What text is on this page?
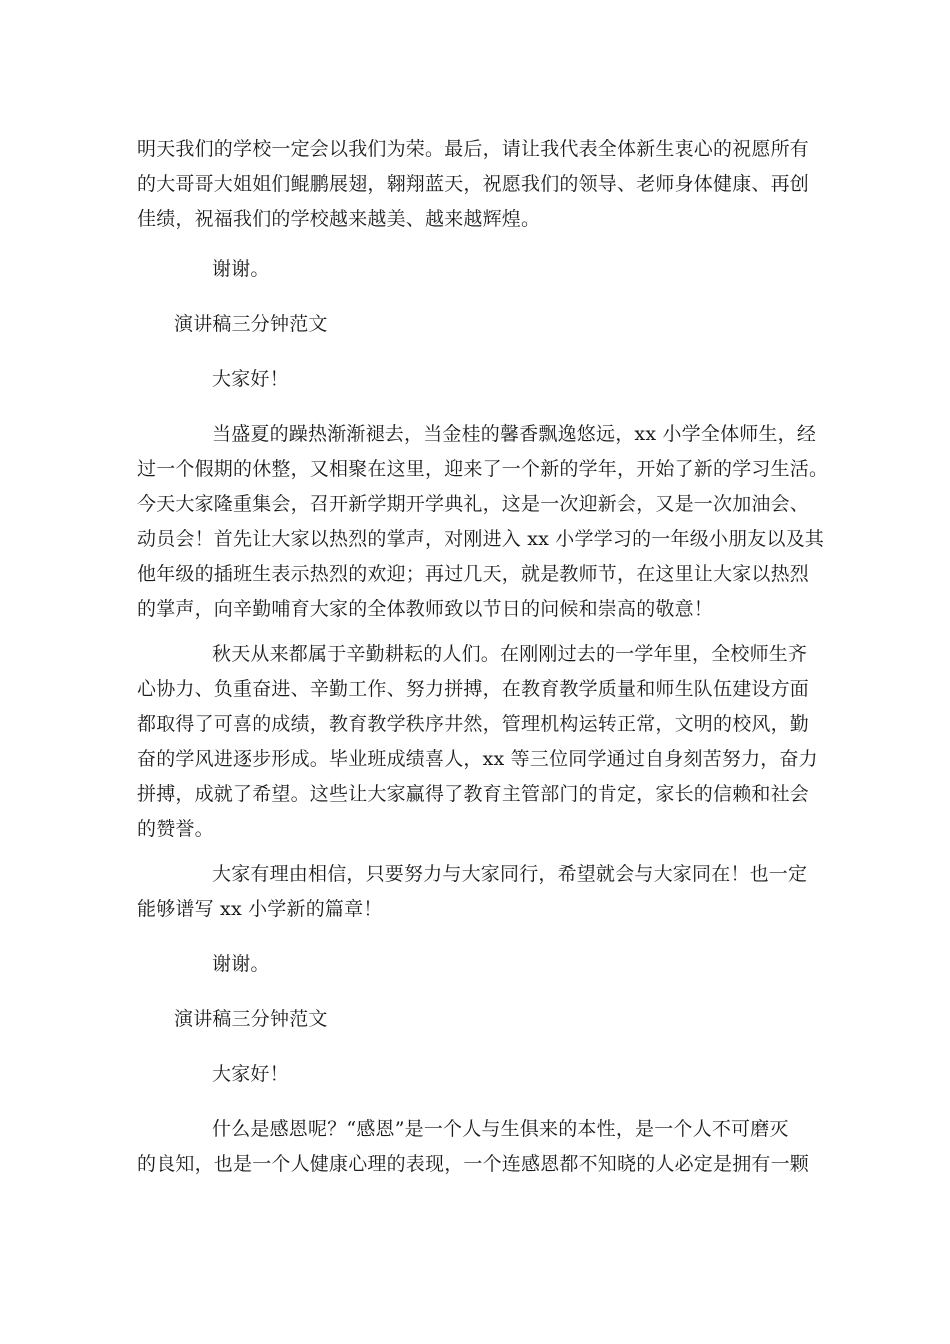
明天我们的学校一定会以我们为荣。最后，请让我代表全体新生衷心的祝愿所有
的大哥哥大姐姐们鲲鹏展翅，翱翔蓝天，祝愿我们的领导、老师身体健康、再创
佳绩，祝福我们的学校越来越美、越来越辉煌。
谢谢。
演讲稿三分钟范文
大家好！
当盛夏的躁热渐渐褪去，当金桂的馨香飘逸悠远，xx 小学全体师生，经
过一个假期的休整，又相聚在这里，迎来了一个新的学年，开始了新的学习生活。
今天大家隆重集会，召开新学期开学典礼，这是一次迎新会，又是一次加油会、
动员会！首先让大家以热烈的掌声，对刚进入 xx 小学学习的一年级小朋友以及其
他年级的插班生表示热烈的欢迎；再过几天，就是教师节，在这里让大家以热烈
的掌声，向辛勤哺育大家的全体教师致以节日的问候和崇高的敬意！
秋天从来都属于辛勤耕耘的人们。在刚刚过去的一学年里，全校师生齐
心协力、负重奋进、辛勤工作、努力拼搏，在教育教学质量和师生队伍建设方面
都取得了可喜的成绩，教育教学秩序井然，管理机构运转正常，文明的校风，勤
奋的学风进逐步形成。毕业班成绩喜人，xx 等三位同学通过自身刻苦努力，奋力
拼搏，成就了希望。这些让大家赢得了教育主管部门的肯定，家长的信赖和社会
的赞誉。
大家有理由相信，只要努力与大家同行，希望就会与大家同在！也一定
能够谱写 xx 小学新的篇章！
谢谢。
演讲稿三分钟范文
大家好！
什么是感恩呢？“感恩”是一个人与生俱来的本性，是一个人不可磨灭
的良知，也是一个人健康心理的表现，一个连感恩都不知晓的人必定是拥有一颗
